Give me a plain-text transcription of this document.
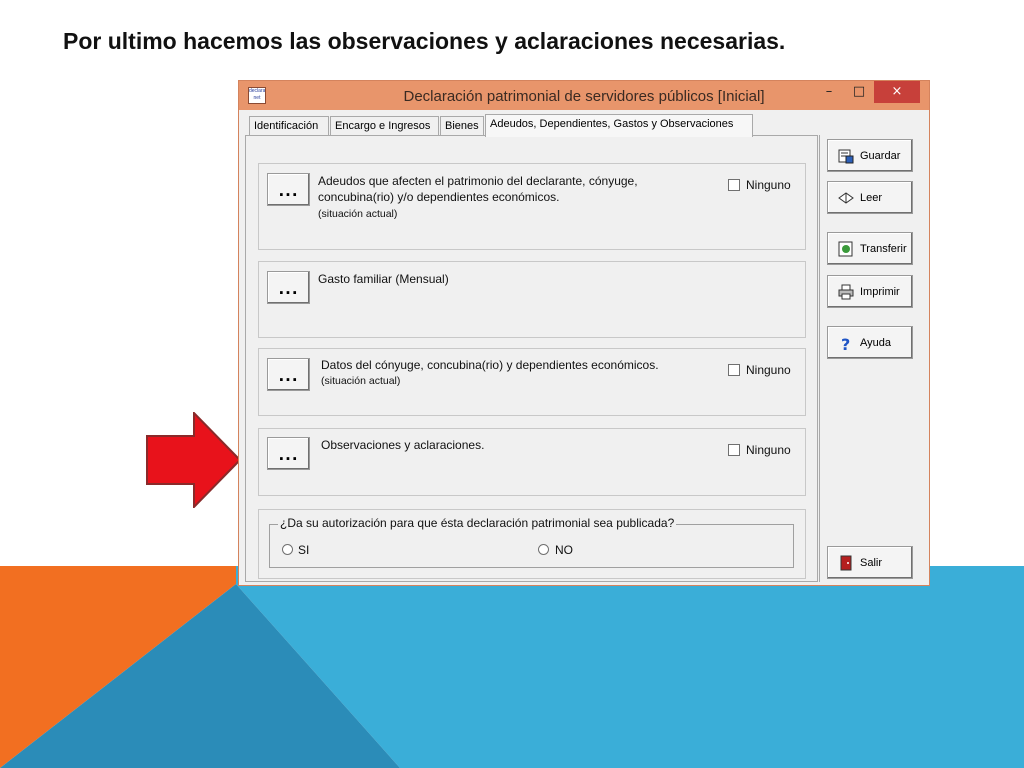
Por ultimo hacemos las observaciones y aclaraciones necesarias.
declara net	Declaración patrimonial de servidores públicos [Inicial]	–	□	×
Identificación	Encargo e Ingresos	Bienes	Adeudos, Dependientes, Gastos y Observaciones
...
Adeudos que afecten el patrimonio del declarante, cónyuge,
concubina(rio) y/o dependientes económicos.
(situación actual)
Ninguno
...
Gasto familiar (Mensual)
...
Datos del cónyuge, concubina(rio) y dependientes económicos.
(situación actual)
Ninguno
...
Observaciones y aclaraciones.	Ninguno
¿Da su autorización para que ésta declaración patrimonial sea publicada?
SI	NO
Guardar
Leer
Transferir
Imprimir
? Ayuda
Salir
